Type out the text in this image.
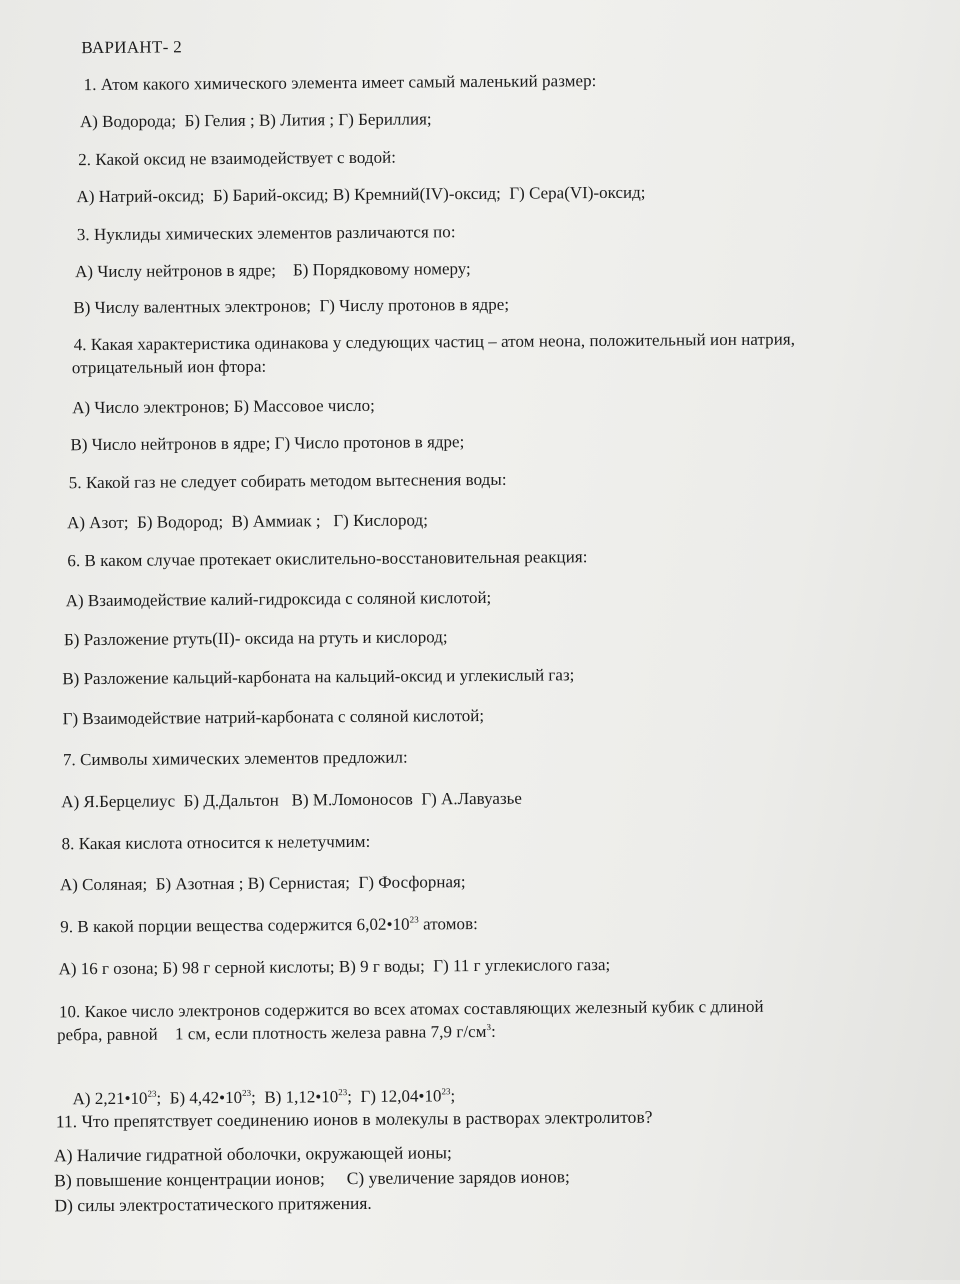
ВАРИАНТ- 2
1. Атом какого химического элемента имеет самый маленький размер:
А) Водорода;  Б) Гелия ; В) Лития ; Г) Бериллия;
2. Какой оксид не взаимодействует с водой:
А) Натрий-оксид;  Б) Барий-оксид; В) Кремний(IV)-оксид;  Г) Сера(VI)-оксид;
3. Нуклиды химических элементов различаются по:
А) Числу нейтронов в ядре;    Б) Порядковому номеру;
В) Числу валентных электронов;  Г) Числу протонов в ядре;
4. Какая характеристика одинакова у следующих частиц – атом неона, положительный ион натрия,
отрицательный ион фтора:
А) Число электронов; Б) Массовое число;
В) Число нейтронов в ядре; Г) Число протонов в ядре;
5. Какой газ не следует собирать методом вытеснения воды:
А) Азот;  Б) Водород;  В) Аммиак ;   Г) Кислород;
6. В каком случае протекает окислительно-восстановительная реакция:
А) Взаимодействие калий-гидроксида с соляной кислотой;
Б) Разложение ртуть(II)- оксида на ртуть и кислород;
В) Разложение кальций-карбоната на кальций-оксид и углекислый газ;
Г) Взаимодействие натрий-карбоната с соляной кислотой;
7. Символы химических элементов предложил:
А) Я.Берцелиус  Б) Д.Дальтон   В) М.Ломоносов  Г) А.Лавуазье
8. Какая кислота относится к нелетучмим:
А) Соляная;  Б) Азотная ; В) Сернистая;  Г) Фосфорная;
9. В какой порции вещества содержится $6,02•10^{23}$ атомов:
А) 16 г озона; Б) 98 г серной кислоты; В) 9 г воды;  Г) 11 г углекислого газа;
10. Какое число электронов содержится во всех атомах составляющих железный кубик с длиной
ребра, равной    1 см, если плотность железа равна 7,9 $г/см^3$:

А) $2,21•10^{23}$;  Б) $4,42•10^{23}$;  В) $1,12•10^{23}$;  Г) $12,04•10^{23}$;

11. Что препятствует соединению ионов в молекулы в растворах электролитов?
A) Наличие гидратной оболочки, окружающей ионы;
B) повышение концентрации ионов;     C) увеличение зарядов ионов;
D) силы электростатического притяжения.
